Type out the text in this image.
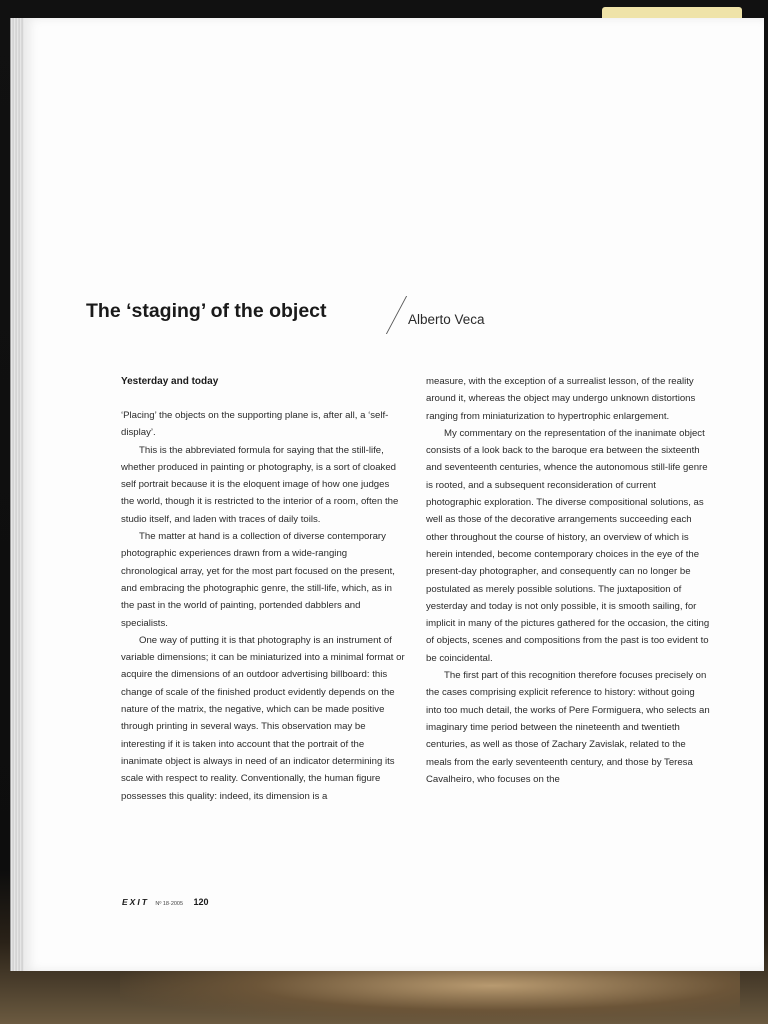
The ‘staging’ of the object	Alberto Veca
Yesterday and today

‘Placing’ the objects on the supporting plane is, after all, a ‘self-display’.

This is the abbreviated formula for saying that the still-life, whether produced in painting or photography, is a sort of cloaked self portrait because it is the eloquent image of how one judges the world, though it is restricted to the interior of a room, often the studio itself, and laden with traces of daily toils.

The matter at hand is a collection of diverse contemporary photographic experiences drawn from a wide-ranging chronological array, yet for the most part focused on the present, and embracing the photographic genre, the still-life, which, as in the past in the world of painting, portended dabblers and specialists.

One way of putting it is that photography is an instrument of variable dimensions; it can be miniaturized into a minimal format or acquire the dimensions of an outdoor advertising billboard: this change of scale of the finished product evidently depends on the nature of the matrix, the negative, which can be made positive through printing in several ways. This observation may be interesting if it is taken into account that the portrait of the inanimate object is always in need of an indicator determining its scale with respect to reality. Conventionally, the human figure possesses this quality: indeed, its dimension is a

measure, with the exception of a surrealist lesson, of the reality around it, whereas the object may undergo unknown distortions ranging from miniaturization to hypertrophic enlargement.

My commentary on the representation of the inanimate object consists of a look back to the baroque era between the sixteenth and seventeenth centuries, whence the autonomous still-life genre is rooted, and a subsequent reconsideration of current photographic exploration. The diverse compositional solutions, as well as those of the decorative arrangements succeeding each other throughout the course of history, an overview of which is herein intended, become contemporary choices in the eye of the present-day photographer, and consequently can no longer be postulated as merely possible solutions. The juxtaposition of yesterday and today is not only possible, it is smooth sailing, for implicit in many of the pictures gathered for the occasion, the citing of objects, scenes and compositions from the past is too evident to be coincidental.

The first part of this recognition therefore focuses precisely on the cases comprising explicit reference to history: without going into too much detail, the works of Pere Formiguera, who selects an imaginary time period between the nineteenth and twentieth centuries, as well as those of Zachary Zavislak, related to the meals from the early seventeenth century, and those by Teresa Cavalheiro, who focuses on the

EXIT Nº 18·2005 120
